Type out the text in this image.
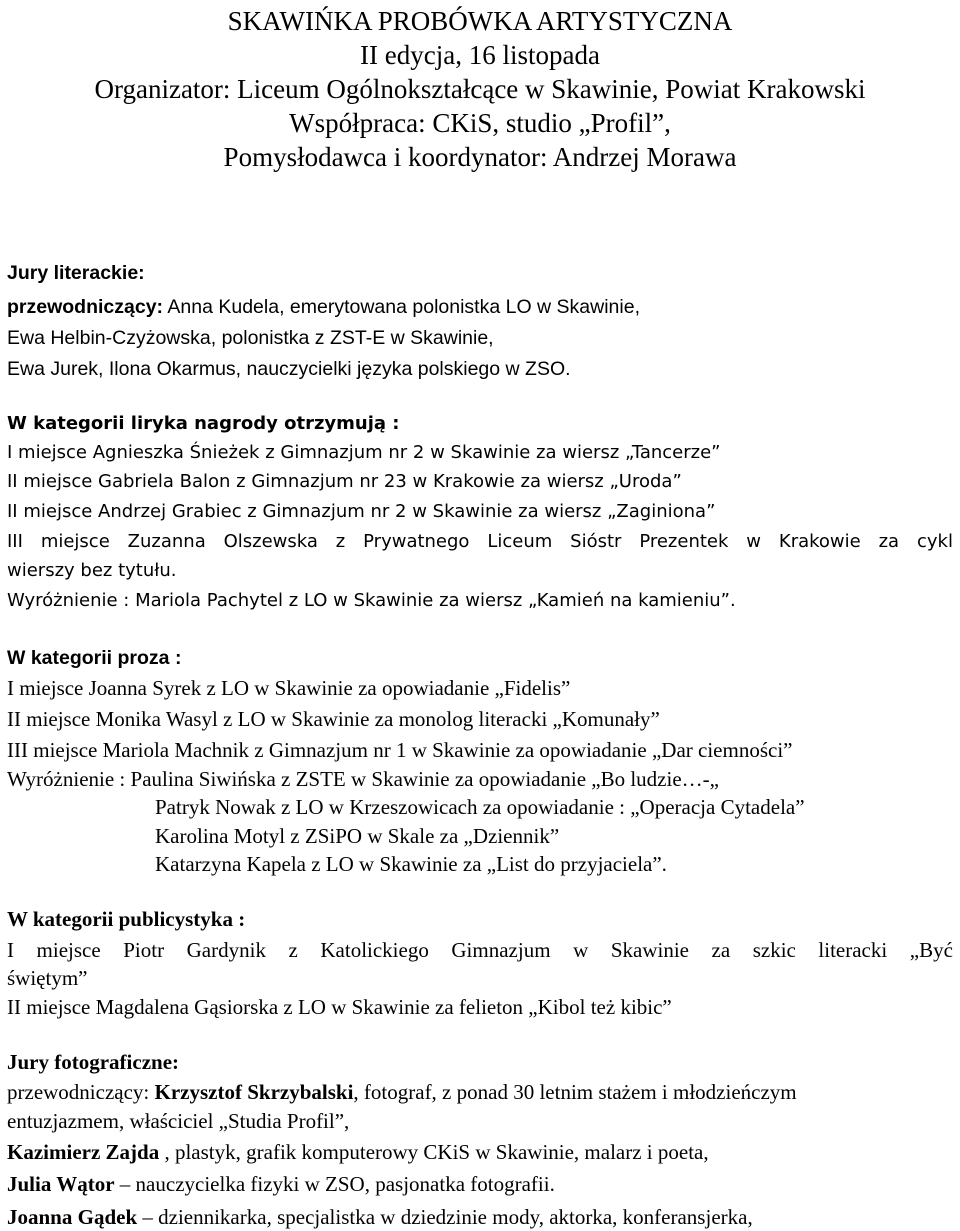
SKAWIŃKA PROBÓWKA ARTYSTYCZNA
II edycja, 16 listopada
Organizator: Liceum Ogólnokształcące w Skawinie, Powiat Krakowski
Współpraca: CKiS, studio „Profil”,
Pomysłodawca i koordynator: Andrzej Morawa
Jury literackie:
przewodniczący: Anna Kudela, emerytowana polonistka LO w Skawinie,
Ewa Helbin-Czyżowska, polonistka z ZST-E w Skawinie,
Ewa Jurek, Ilona Okarmus, nauczycielki języka polskiego w ZSO.
W kategorii liryka nagrody otrzymują :
I miejsce Agnieszka Śnieżek z Gimnazjum nr 2 w Skawinie za wiersz „Tancerze”
II miejsce Gabriela Balon z Gimnazjum nr 23 w Krakowie za wiersz „Uroda”
II miejsce Andrzej Grabiec z Gimnazjum nr 2 w Skawinie za wiersz „Zaginiona”
III miejsce Zuzanna Olszewska z Prywatnego Liceum Sióstr Prezentek w Krakowie za cykl
wierszy bez tytułu.
Wyróżnienie : Mariola Pachytel z LO w Skawinie za wiersz „Kamień na kamieniu”.
W kategorii proza :
I miejsce Joanna Syrek z LO w Skawinie za opowiadanie „Fidelis”
II miejsce Monika Wasyl z LO w Skawinie za monolog literacki „Komunały”
III miejsce Mariola Machnik z Gimnazjum nr 1 w Skawinie za opowiadanie „Dar ciemności”
Wyróżnienie : Paulina Siwińska z ZSTE w Skawinie za opowiadanie „Bo ludzie…-„
Patryk Nowak z LO w Krzeszowicach za opowiadanie : „Operacja Cytadela”
Karolina Motyl z ZSiPO w Skale za „Dziennik”
Katarzyna Kapela z LO w Skawinie za „List do przyjaciela”.
W kategorii publicystyka :
I miejsce Piotr Gardynik z Katolickiego Gimnazjum w Skawinie za szkic literacki „Być
świętym”
II miejsce Magdalena Gąsiorska z LO w Skawinie za felieton „Kibol też kibic”
Jury fotograficzne:
przewodniczący: Krzysztof Skrzybalski, fotograf, z ponad 30 letnim stażem i młodzieńczym
entuzjazmem, właściciel „Studia Profil”,
Kazimierz Zajda , plastyk, grafik komputerowy CKiS w Skawinie, malarz i poeta,
Julia Wątor – nauczycielka fizyki w ZSO, pasjonatka fotografii.
Joanna Gądek – dziennikarka, specjalistka w dziedzinie mody, aktorka, konferansjerka,
